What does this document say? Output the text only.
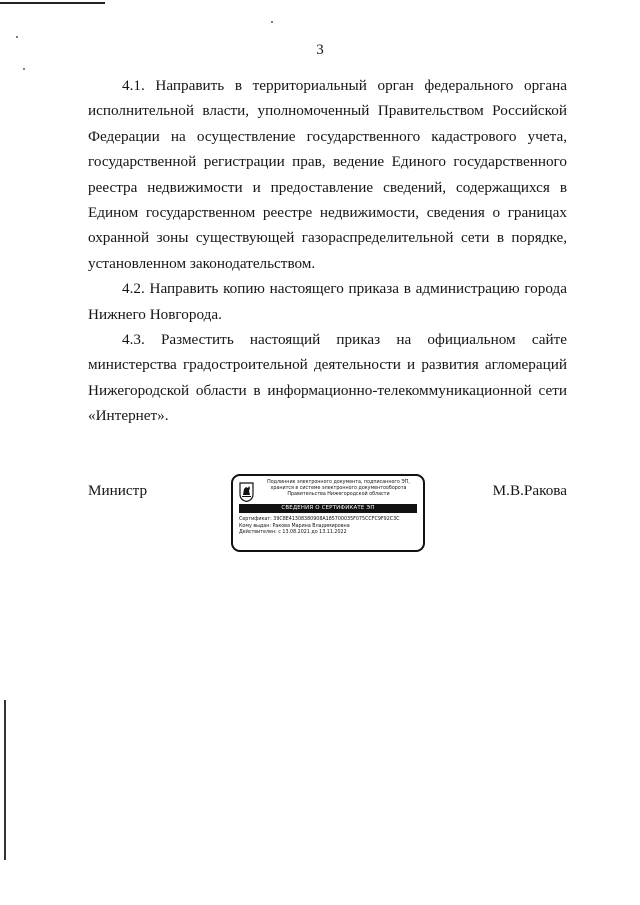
3

4.1. Направить в территориальный орган федерального органа исполнительной власти, уполномоченный Правительством Российской Федерации на осуществление государственного кадастрового учета, государственной регистрации прав, ведение Единого государственного реестра недвижимости и предоставление сведений, содержащихся в Едином государственном реестре недвижимости, сведения о границах охранной зоны существующей газораспределительной сети в порядке, установленном законодательством.

4.2. Направить копию настоящего приказа в администрацию города Нижнего Новгорода.

4.3. Разместить настоящий приказ на официальном сайте министерства градостроительной деятельности и развития агломераций Нижегородской области в информационно-телекоммуникационной сети «Интернет».

Министр	Подлинник электронного документа, подписанного ЭП, хранится в системе электронного документооборота Правительства Нижегородской области
СВЕДЕНИЯ О СЕРТИФИКАТЕ ЭП
Сертификат: 39C8E41308380908A185700035F075CCFC9F92C3C
Кому выдан: Ракова Марина Владимировна
Действителен: с 13.08.2021 до 13.11.2022
М.В.Ракова
